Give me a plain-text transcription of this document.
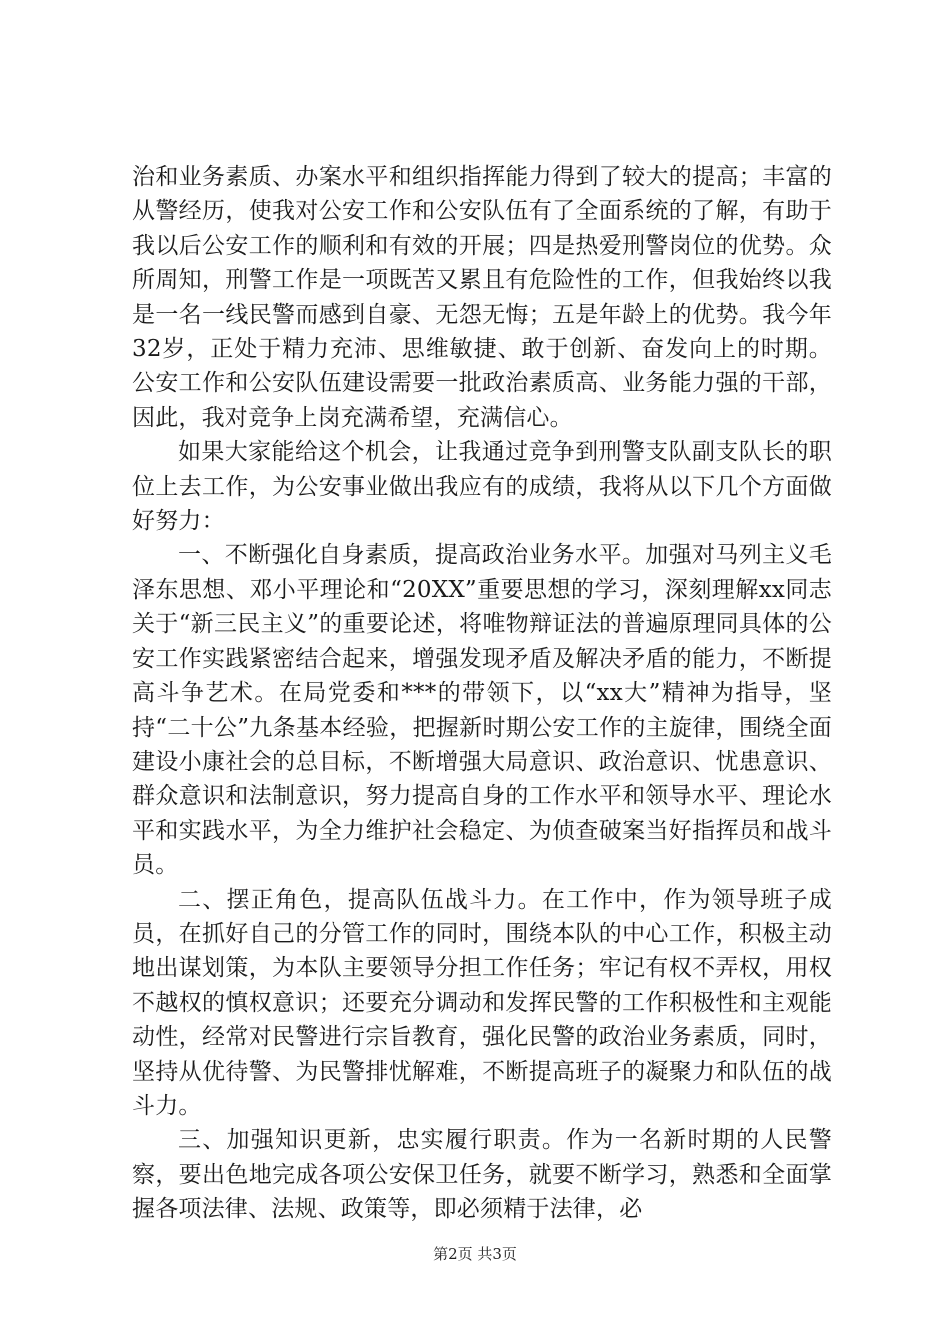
治和业务素质、办案水平和组织指挥能力得到了较大的提高；丰富的从警经历，使我对公安工作和公安队伍有了全面系统的了解，有助于我以后公安工作的顺利和有效的开展；四是热爱刑警岗位的优势。众所周知，刑警工作是一项既苦又累且有危险性的工作，但我始终以我是一名一线民警而感到自豪、无怨无悔；五是年龄上的优势。我今年32岁，正处于精力充沛、思维敏捷、敢于创新、奋发向上的时期。公安工作和公安队伍建设需要一批政治素质高、业务能力强的干部，因此，我对竞争上岗充满希望，充满信心。

如果大家能给这个机会，让我通过竞争到刑警支队副支队长的职位上去工作，为公安事业做出我应有的成绩，我将从以下几个方面做好努力：

一、不断强化自身素质，提高政治业务水平。加强对马列主义毛泽东思想、邓小平理论和“20XX”重要思想的学习，深刻理解xx同志关于“新三民主义”的重要论述，将唯物辩证法的普遍原理同具体的公安工作实践紧密结合起来，增强发现矛盾及解决矛盾的能力，不断提高斗争艺术。在局党委和***的带领下，以“xx大”精神为指导，坚持“二十公”九条基本经验，把握新时期公安工作的主旋律，围绕全面建设小康社会的总目标，不断增强大局意识、政治意识、忧患意识、群众意识和法制意识，努力提高自身的工作水平和领导水平、理论水平和实践水平，为全力维护社会稳定、为侦查破案当好指挥员和战斗员。

二、摆正角色，提高队伍战斗力。在工作中，作为领导班子成员，在抓好自己的分管工作的同时，围绕本队的中心工作，积极主动地出谋划策，为本队主要领导分担工作任务；牢记有权不弄权，用权不越权的慎权意识；还要充分调动和发挥民警的工作积极性和主观能动性，经常对民警进行宗旨教育，强化民警的政治业务素质，同时，坚持从优待警、为民警排忧解难，不断提高班子的凝聚力和队伍的战斗力。

三、加强知识更新，忠实履行职责。作为一名新时期的人民警察，要出色地完成各项公安保卫任务，就要不断学习，熟悉和全面掌握各项法律、法规、政策等，即必须精于法律，必

第2页 共3页
